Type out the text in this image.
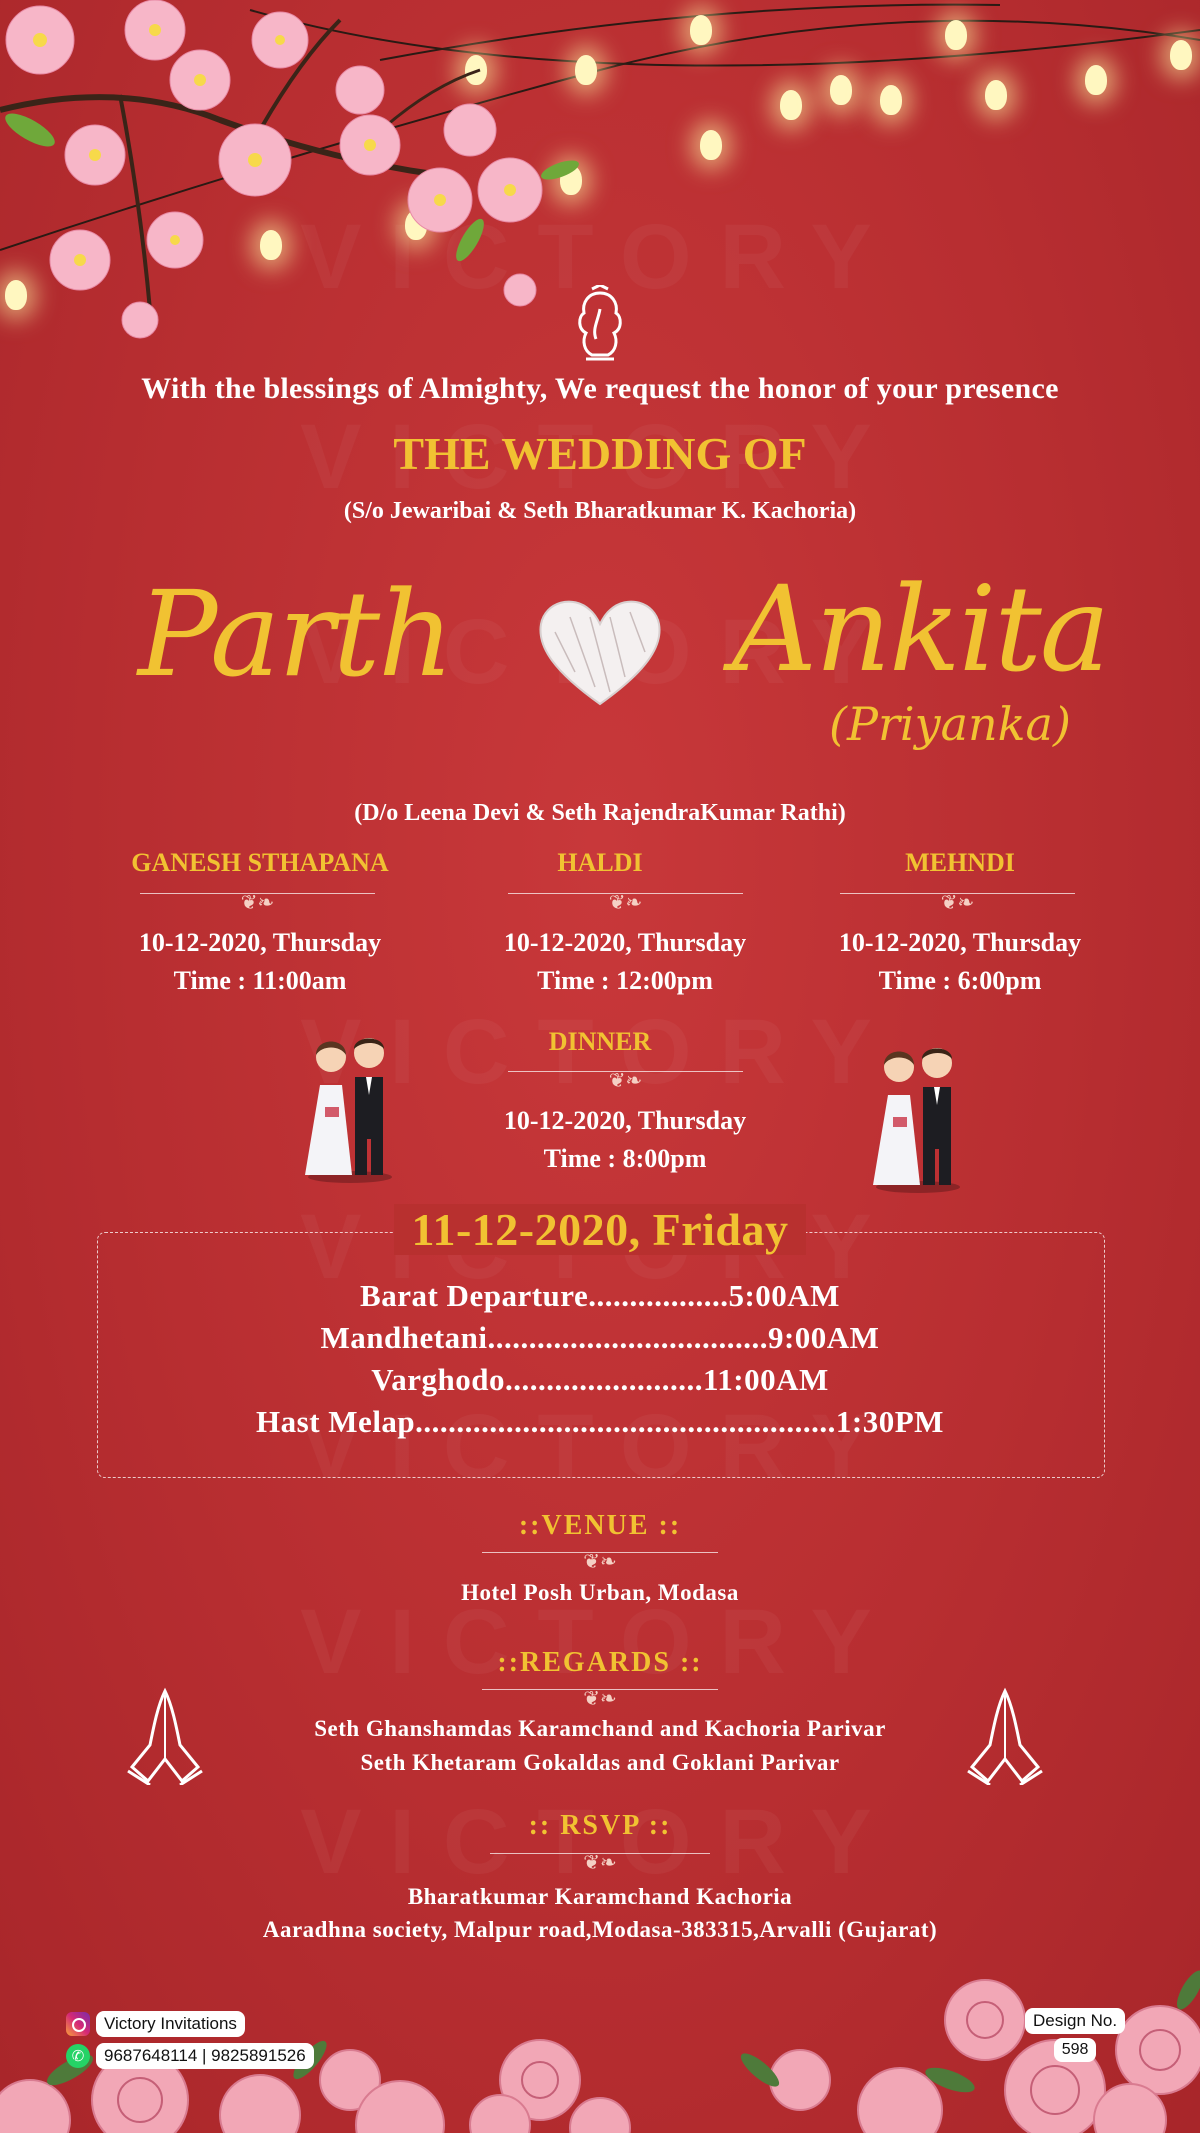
With the blessings of Almighty, We request the honor of your presence
THE WEDDING OF
(S/o Jewaribai & Seth Bharatkumar K. Kachoria)
Parth Ankita
(Priyanka)
(D/o Leena Devi & Seth RajendraKumar Rathi)
GANESH STHAPANA
❦❧
10-12-2020, Thursday
Time : 11:00am
HALDI
❦❧
10-12-2020, Thursday
Time : 12:00pm
MEHNDI
❦❧
10-12-2020, Thursday
Time : 6:00pm
DINNER
❦❧
10-12-2020, Thursday
Time : 8:00pm
11-12-2020, Friday
Barat Departure.................5:00AM
Mandhetani..................................9:00AM
Varghodo........................11:00AM
Hast Melap...................................................1:30PM
::VENUE ::
❦❧
Hotel Posh Urban, Modasa
::REGARDS ::
❦❧
Seth Ghanshamdas Karamchand and Kachoria Parivar
Seth Khetaram Gokaldas and Goklani Parivar
:: RSVP ::
❦❧
Bharatkumar Karamchand Kachoria
Aaradhna society, Malpur road,Modasa-383315,Arvalli (Gujarat)
Victory Invitations
✆	9687648114 | 9825891526
Design No.
598
